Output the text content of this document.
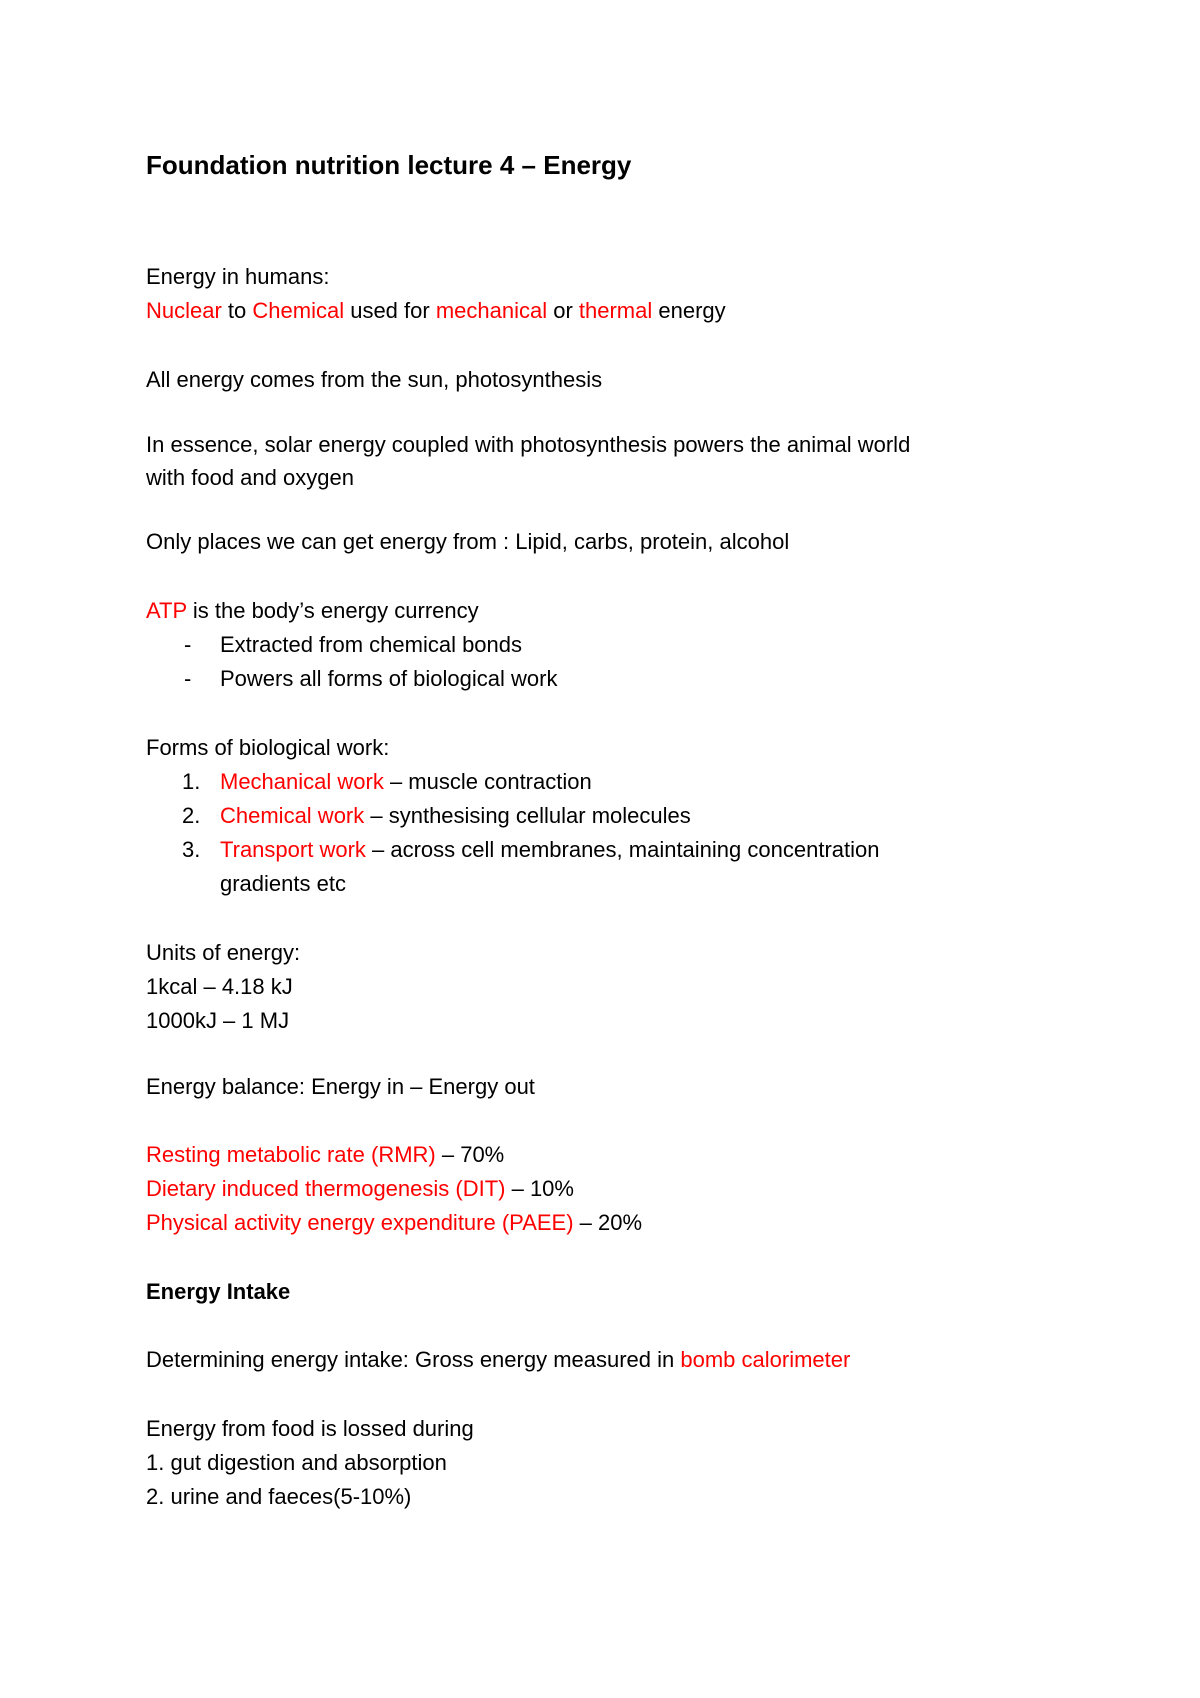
Foundation nutrition lecture 4 – Energy
Energy in humans:
Nuclear to Chemical used for mechanical or thermal energy
All energy comes from the sun, photosynthesis
In essence, solar energy coupled with photosynthesis powers the animal world
with food and oxygen
Only places we can get energy from : Lipid, carbs, protein, alcohol
ATP is the body’s energy currency
- Extracted from chemical bonds
- Powers all forms of biological work
Forms of biological work:
1. Mechanical work – muscle contraction
2. Chemical work – synthesising cellular molecules
3. Transport work – across cell membranes, maintaining concentration
gradients etc
Units of energy:
1kcal – 4.18 kJ
1000kJ – 1 MJ
Energy balance: Energy in – Energy out
Resting metabolic rate (RMR) – 70%
Dietary induced thermogenesis (DIT) – 10%
Physical activity energy expenditure (PAEE) – 20%
Energy Intake
Determining energy intake: Gross energy measured in bomb calorimeter
Energy from food is lossed during
1. gut digestion and absorption
2. urine and faeces(5-10%)
